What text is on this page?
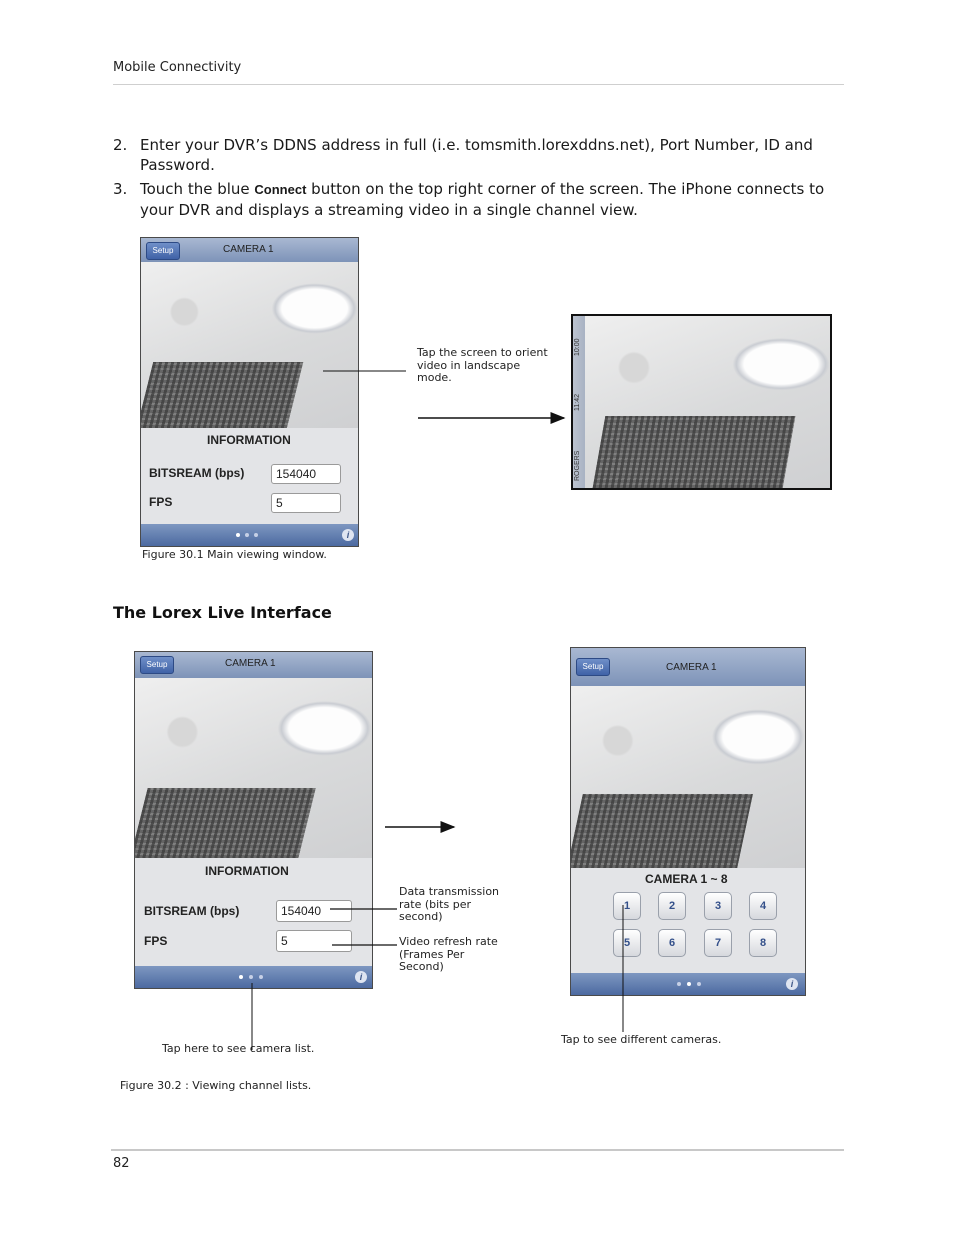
Mobile Connectivity
2. Enter your DVR’s DDNS address in full (i.e. tomsmith.lorexddns.net), Port Number, ID and Password.
3. Touch the blue Connect button on the top right corner of the screen. The iPhone connects to your DVR and displays a streaming video in a single channel view.
Setup	CAMERA 1
INFORMATION
BITSREAM (bps)	154040
FPS	5
i
Tap the screen to orient video in landscape mode.
10:00
11:42
ROGERS
Figure 30.1 Main viewing window.
The Lorex Live Interface
Setup	CAMERA 1
INFORMATION
BITSREAM (bps)	154040
FPS	5
i
Setup	CAMERA 1
CAMERA 1 ~ 8
1	2	3	4
5	6	7	8
i
Data transmission rate (bits per second)
Video refresh rate (Frames Per Second)
Tap here to see camera list.
Tap to see different cameras.
Figure 30.2 : Viewing channel lists.
82
